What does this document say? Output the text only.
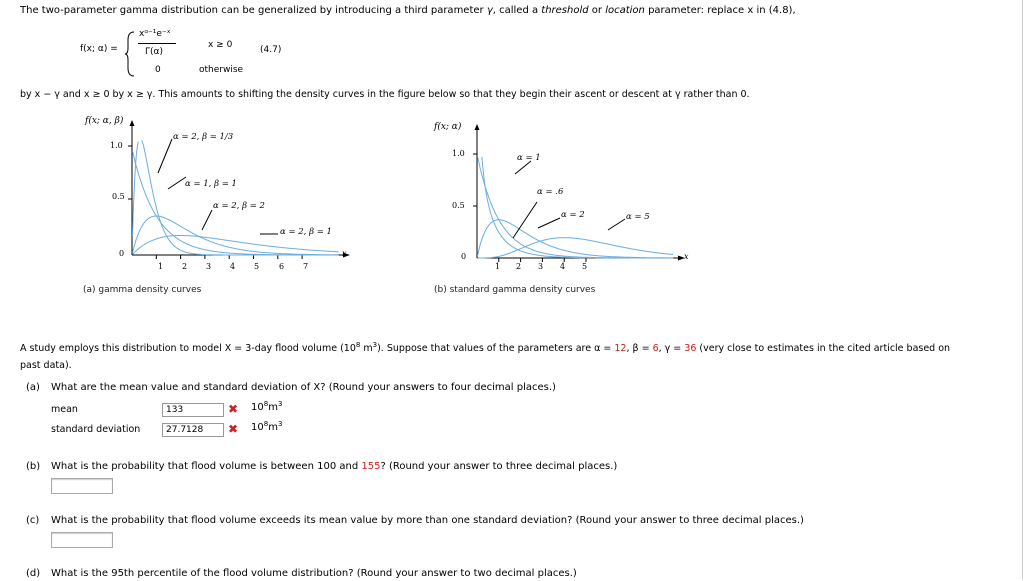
The two-parameter gamma distribution can be generalized by introducing a third parameter γ, called a threshold or location parameter: replace x in (4.8),
f(x; α) =
xᵅ⁻¹e⁻ˣ
Γ(α)
x ≥ 0	(4.7)
0	otherwise
by x − γ and x ≥ 0 by x ≥ γ. This amounts to shifting the density curves in the figure below so that they begin their ascent or descent at γ rather than 0.
f(x; α, β)
1.0
0.5
0	x
1 2 3 4 5 6 7
α = 2, β = 1/3
α = 1, β = 1
α = 2, β = 2
α = 2, β = 1
(a) gamma density curves
f(x; α)
1.0
0.5
0	x
1 2 3 4 5
α = 1
α = .6
α = 2	α = 5
(b) standard gamma density curves
A study employs this distribution to model X = 3-day flood volume ($10^8$ $m^3$). Suppose that values of the parameters are α = 12, β = 6, γ = 36 (very close to estimates in the cited article based on
past data).
(a) What are the mean value and standard deviation of X? (Round your answers to four decimal places.)
mean	133	✖ $10^8m^3$
standard deviation	27.7128	✖ $10^8m^3$
(b) What is the probability that flood volume is between 100 and 155? (Round your answer to three decimal places.)
(c) What is the probability that flood volume exceeds its mean value by more than one standard deviation? (Round your answer to three decimal places.)
(d) What is the 95th percentile of the flood volume distribution? (Round your answer to two decimal places.)
